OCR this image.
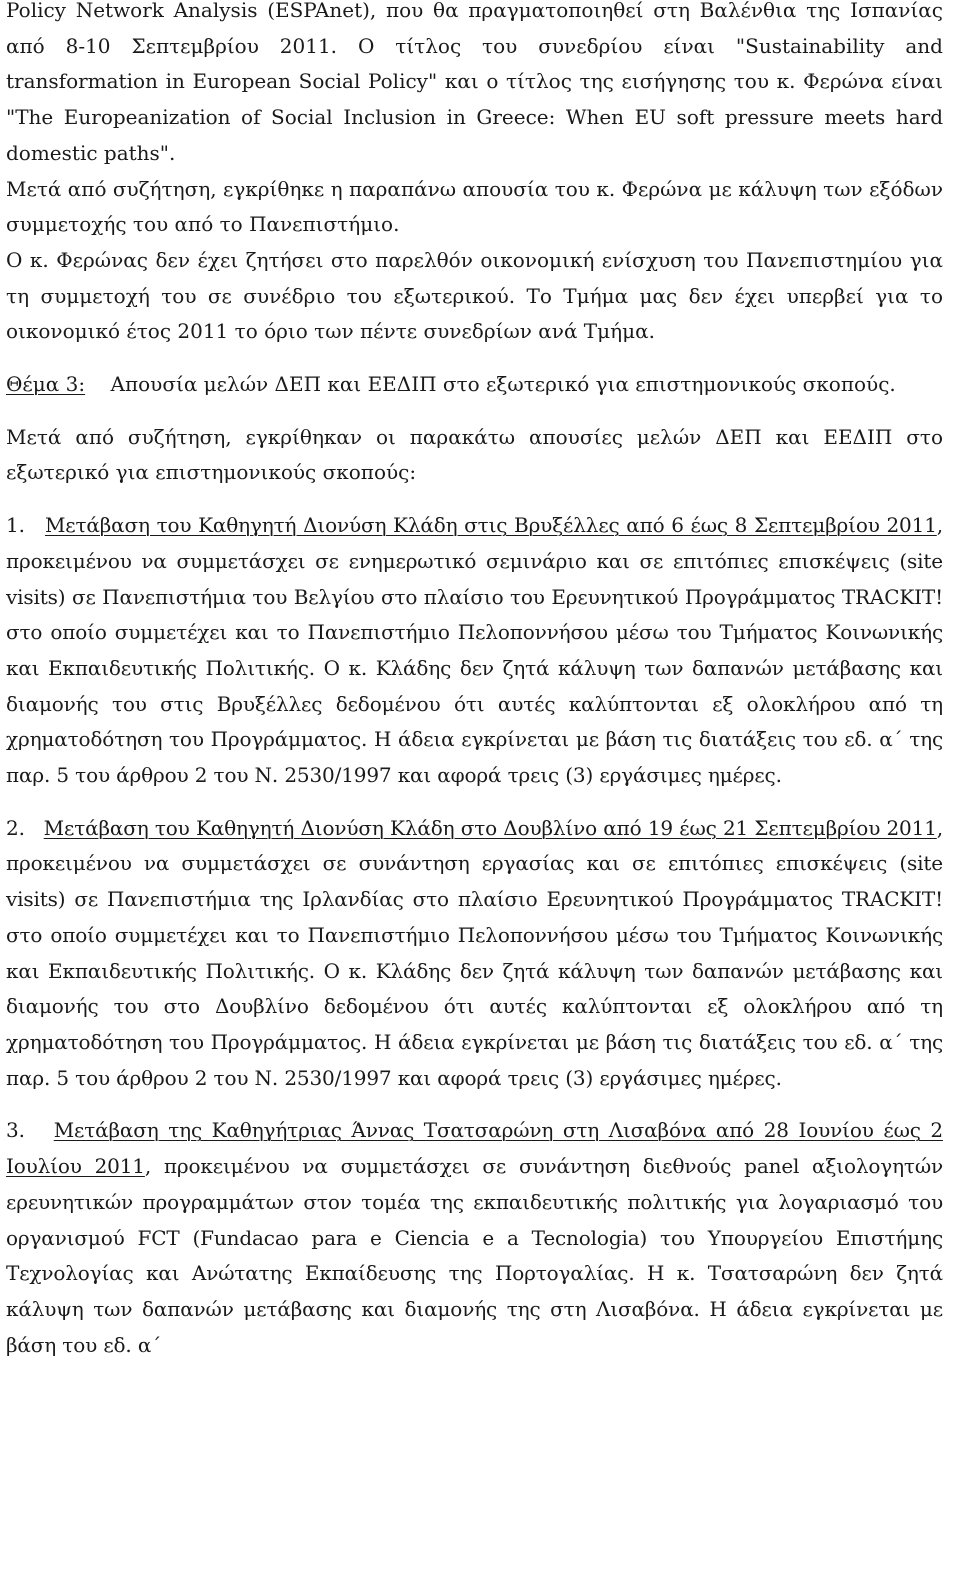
Policy Network Analysis (ESPAnet), που θα πραγματοποιηθεί στη Βαλένθια της Ισπανίας από 8-10 Σεπτεμβρίου 2011. Ο τίτλος του συνεδρίου είναι "Sustainability and transformation in European Social Policy" και ο τίτλος της εισήγησης του κ. Φερώνα είναι "The Europeanization of Social Inclusion in Greece: When EU soft pressure meets hard domestic paths".

Μετά από συζήτηση, εγκρίθηκε η παραπάνω απουσία του κ. Φερώνα με κάλυψη των εξόδων συμμετοχής του από το Πανεπιστήμιο.

Ο κ. Φερώνας δεν έχει ζητήσει στο παρελθόν οικονομική ενίσχυση του Πανεπιστημίου για τη συμμετοχή του σε συνέδριο του εξωτερικού. Το Τμήμα μας δεν έχει υπερβεί για το οικονομικό έτος 2011 το όριο των πέντε συνεδρίων ανά Τμήμα.

Θέμα 3: Απουσία μελών ΔΕΠ και ΕΕΔΙΠ στο εξωτερικό για επιστημονικούς σκοπούς.

Μετά από συζήτηση, εγκρίθηκαν οι παρακάτω απουσίες μελών ΔΕΠ και ΕΕΔΙΠ στο εξωτερικό για επιστημονικούς σκοπούς:

1. Μετάβαση του Καθηγητή Διονύση Κλάδη στις Βρυξέλλες από 6 έως 8 Σεπτεμβρίου 2011, προκειμένου να συμμετάσχει σε ενημερωτικό σεμινάριο και σε επιτόπιες επισκέψεις (site visits) σε Πανεπιστήμια του Βελγίου στο πλαίσιο του Ερευνητικού Προγράμματος TRACKIT! στο οποίο συμμετέχει και το Πανεπιστήμιο Πελοποννήσου μέσω του Τμήματος Κοινωνικής και Εκπαιδευτικής Πολιτικής. Ο κ. Κλάδης δεν ζητά κάλυψη των δαπανών μετάβασης και διαμονής του στις Βρυξέλλες δεδομένου ότι αυτές καλύπτονται εξ ολοκλήρου από τη χρηματοδότηση του Προγράμματος. Η άδεια εγκρίνεται με βάση τις διατάξεις του εδ. α΄ της παρ. 5 του άρθρου 2 του Ν. 2530/1997 και αφορά τρεις (3) εργάσιμες ημέρες.

2. Μετάβαση του Καθηγητή Διονύση Κλάδη στο Δουβλίνο από 19 έως 21 Σεπτεμβρίου 2011, προκειμένου να συμμετάσχει σε συνάντηση εργασίας και σε επιτόπιες επισκέψεις (site visits) σε Πανεπιστήμια της Ιρλανδίας στο πλαίσιο Ερευνητικού Προγράμματος TRACKIT! στο οποίο συμμετέχει και το Πανεπιστήμιο Πελοποννήσου μέσω του Τμήματος Κοινωνικής και Εκπαιδευτικής Πολιτικής. Ο κ. Κλάδης δεν ζητά κάλυψη των δαπανών μετάβασης και διαμονής του στο Δουβλίνο δεδομένου ότι αυτές καλύπτονται εξ ολοκλήρου από τη χρηματοδότηση του Προγράμματος. Η άδεια εγκρίνεται με βάση τις διατάξεις του εδ. α΄ της παρ. 5 του άρθρου 2 του Ν. 2530/1997 και αφορά τρεις (3) εργάσιμες ημέρες.

3. Μετάβαση της Καθηγήτριας Άννας Τσατσαρώνη στη Λισαβόνα από 28 Ιουνίου έως 2 Ιουλίου 2011, προκειμένου να συμμετάσχει σε συνάντηση διεθνούς panel αξιολογητών ερευνητικών προγραμμάτων στον τομέα της εκπαιδευτικής πολιτικής για λογαριασμό του οργανισμού FCT (Fundacao para e Ciencia e a Tecnologia) του Υπουργείου Επιστήμης Τεχνολογίας και Ανώτατης Εκπαίδευσης της Πορτογαλίας. Η κ. Τσατσαρώνη δεν ζητά κάλυψη των δαπανών μετάβασης και διαμονής της στη Λισαβόνα. Η άδεια εγκρίνεται με βάση του εδ. α΄
